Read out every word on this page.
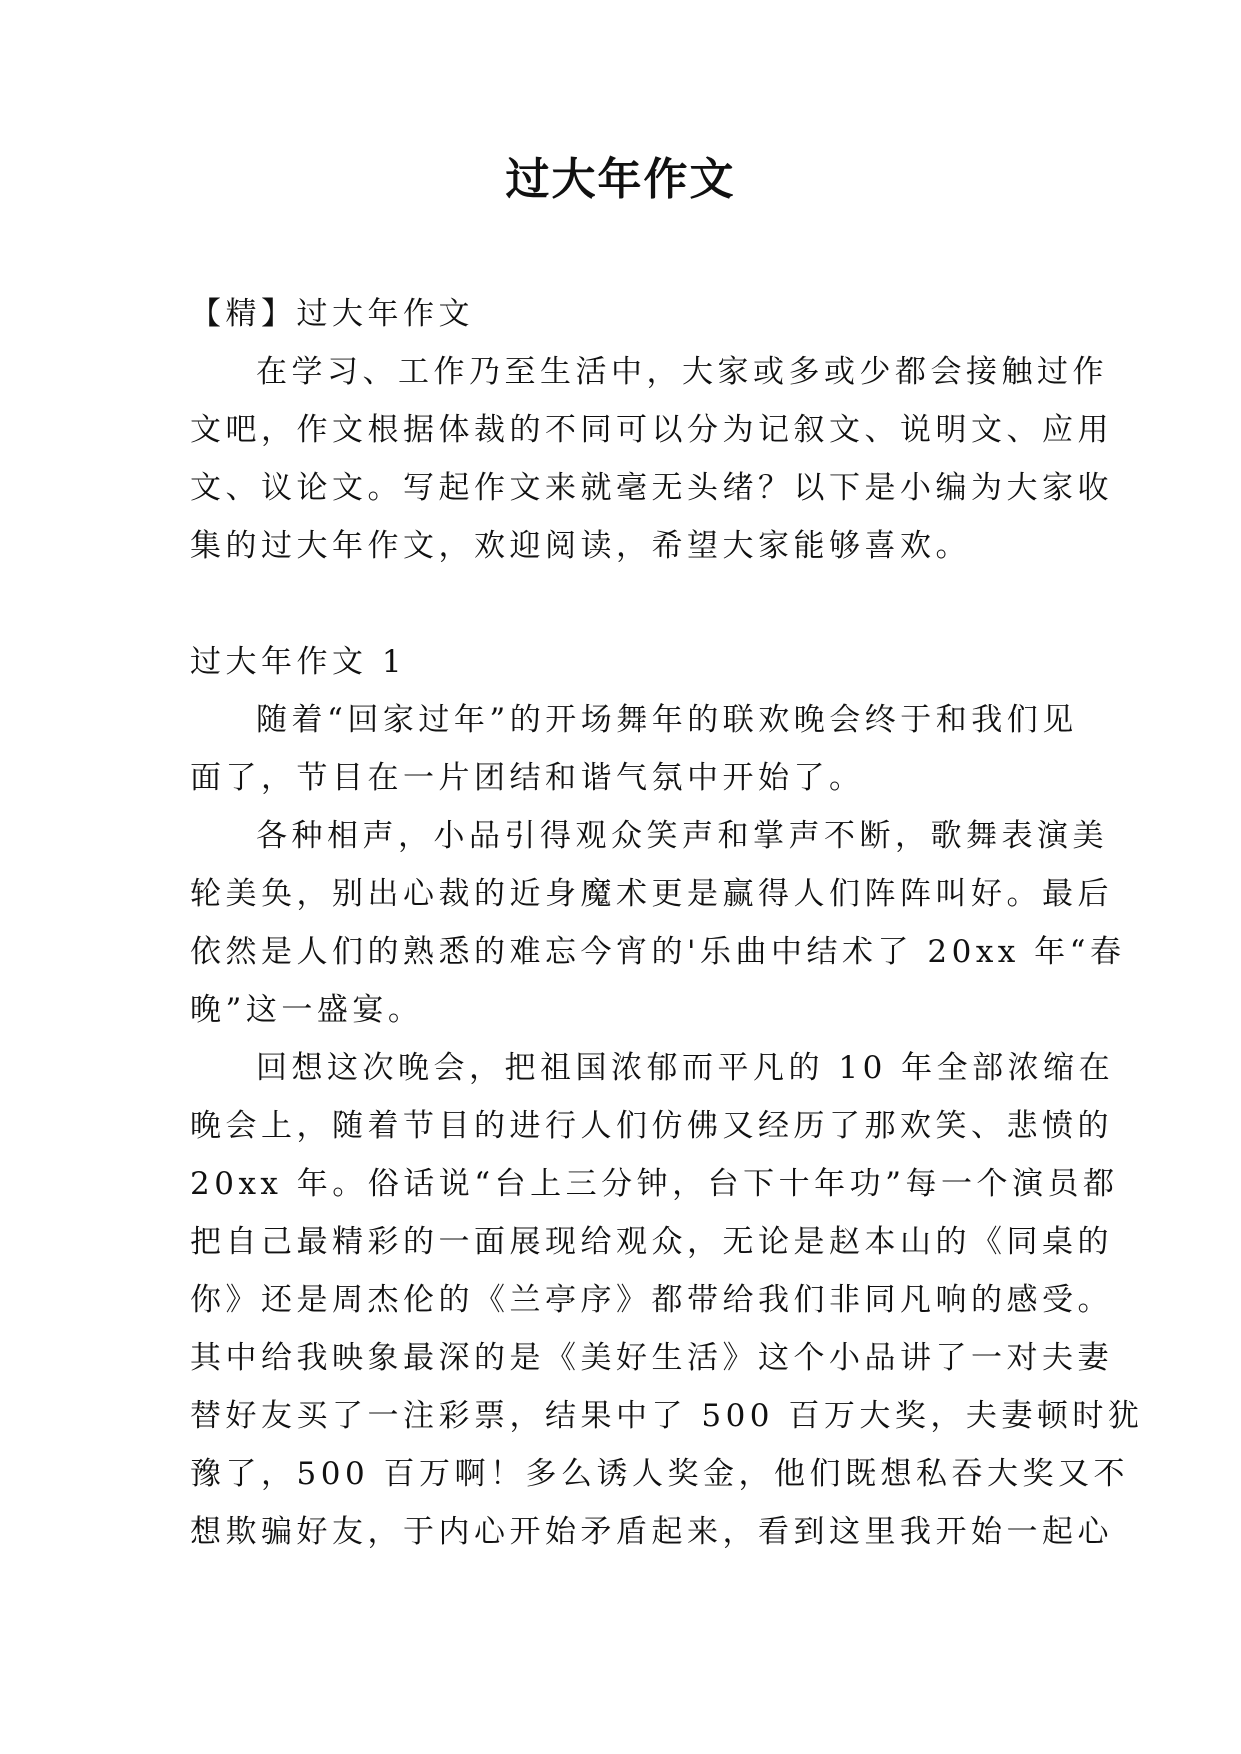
过大年作文

【精】过大年作文

在学习、工作乃至生活中，大家或多或少都会接触过作

文吧，作文根据体裁的不同可以分为记叙文、说明文、应用

文、议论文。写起作文来就毫无头绪？以下是小编为大家收

集的过大年作文，欢迎阅读，希望大家能够喜欢。

过大年作文 1

随着“回家过年”的开场舞年的联欢晚会终于和我们见

面了，节目在一片团结和谐气氛中开始了。

各种相声，小品引得观众笑声和掌声不断，歌舞表演美

轮美奂，别出心裁的近身魔术更是赢得人们阵阵叫好。最后

依然是人们的熟悉的难忘今宵的'乐曲中结术了 20xx 年“春

晚”这一盛宴。

回想这次晚会，把祖国浓郁而平凡的 10 年全部浓缩在

晚会上，随着节目的进行人们仿佛又经历了那欢笑、悲愤的

20xx 年。俗话说“台上三分钟，台下十年功”每一个演员都

把自己最精彩的一面展现给观众，无论是赵本山的《同桌的

你》还是周杰伦的《兰亭序》都带给我们非同凡响的感受。

其中给我映象最深的是《美好生活》这个小品讲了一对夫妻

替好友买了一注彩票，结果中了 500 百万大奖，夫妻顿时犹

豫了，500 百万啊！多么诱人奖金，他们既想私吞大奖又不

想欺骗好友，于内心开始矛盾起来，看到这里我开始一起心
